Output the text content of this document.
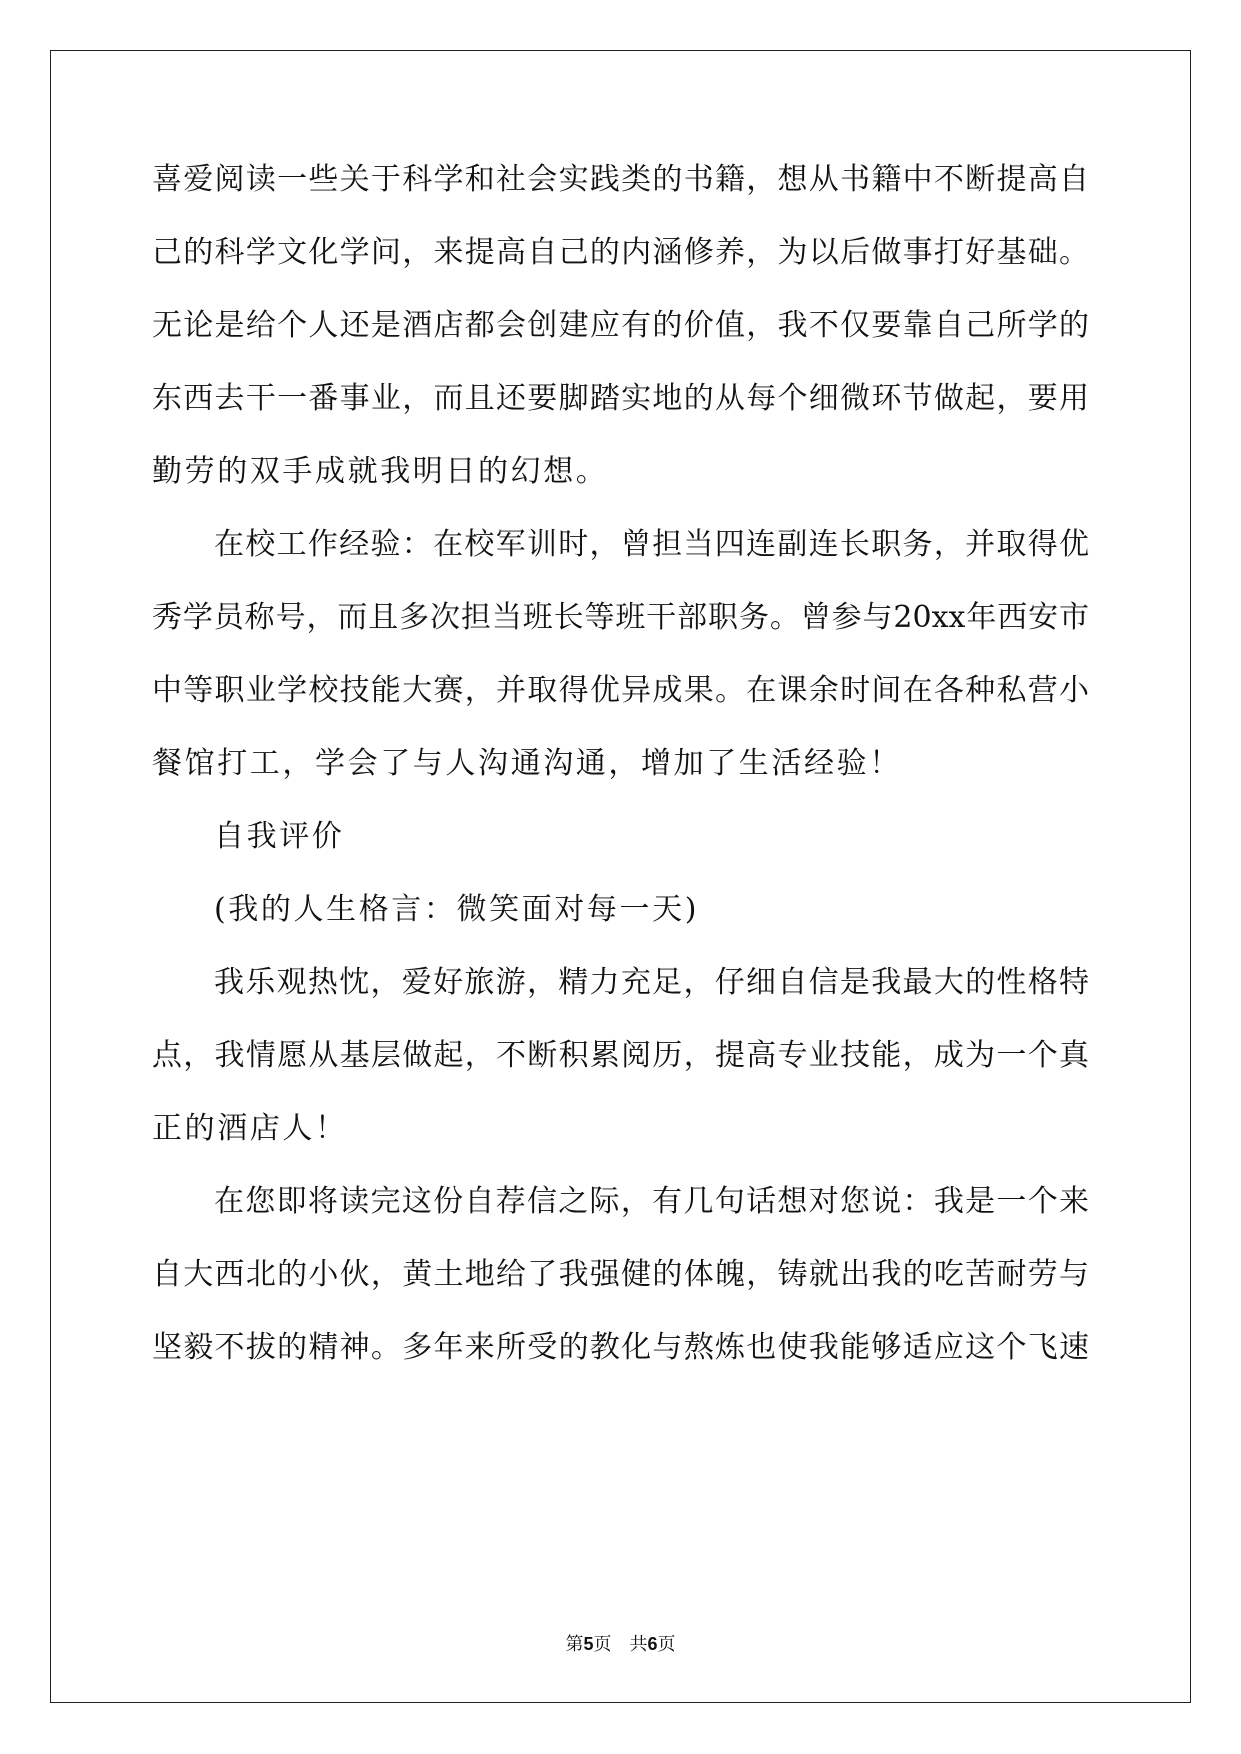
喜爱阅读一些关于科学和社会实践类的书籍，想从书籍中不断提高自
己的科学文化学问，来提高自己的内涵修养，为以后做事打好基础。
无论是给个人还是酒店都会创建应有的价值，我不仅要靠自己所学的
东西去干一番事业，而且还要脚踏实地的从每个细微环节做起，要用
勤劳的双手成就我明日的幻想。
在校工作经验：在校军训时，曾担当四连副连长职务，并取得优
秀学员称号，而且多次担当班长等班干部职务。曾参与20xx年西安市
中等职业学校技能大赛，并取得优异成果。在课余时间在各种私营小
餐馆打工，学会了与人沟通沟通，增加了生活经验！
自我评价
(我的人生格言：微笑面对每一天)
我乐观热忱，爱好旅游，精力充足，仔细自信是我最大的性格特
点，我情愿从基层做起，不断积累阅历，提高专业技能，成为一个真
正的酒店人！
在您即将读完这份自荐信之际，有几句话想对您说：我是一个来
自大西北的小伙，黄土地给了我强健的体魄，铸就出我的吃苦耐劳与
坚毅不拔的精神。多年来所受的教化与熬炼也使我能够适应这个飞速
第5页　共6页
